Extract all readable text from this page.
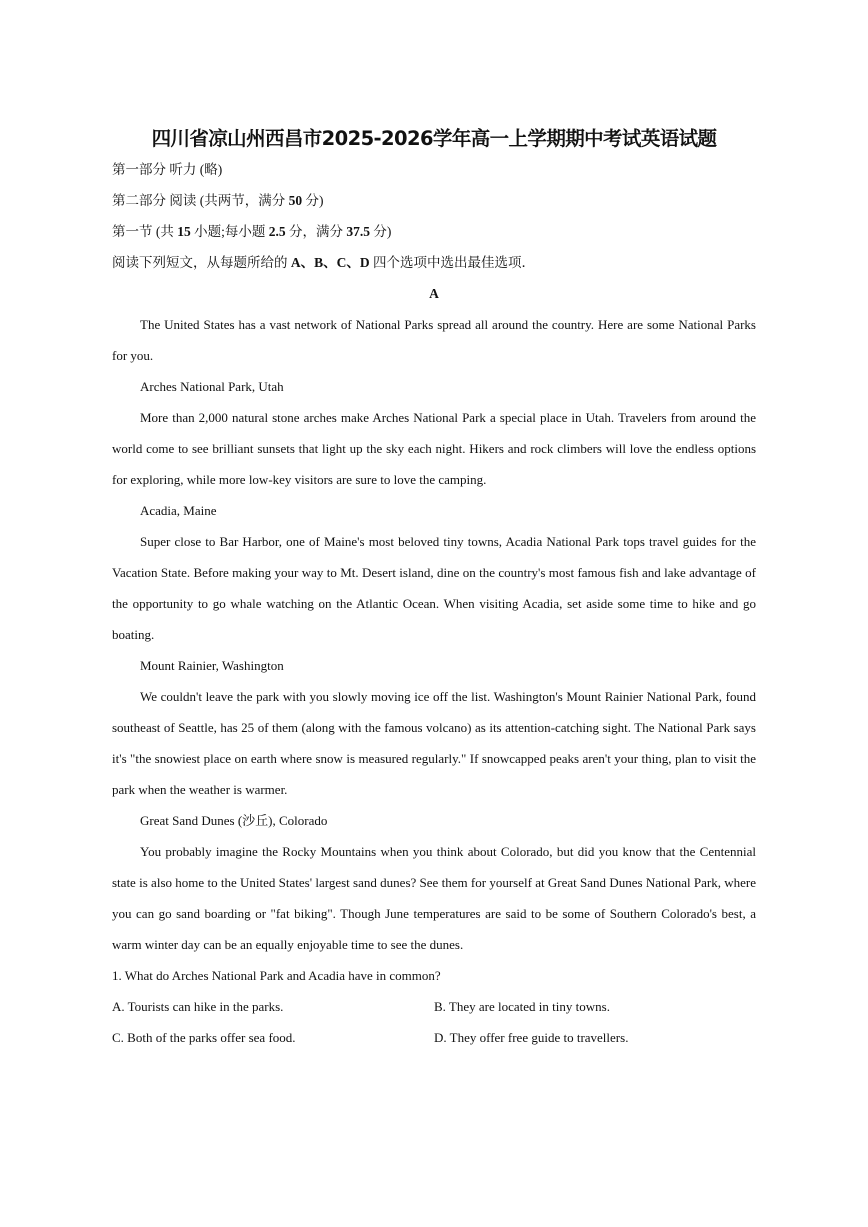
四川省凉山州西昌市2025-2026学年高一上学期期中考试英语试题
第一部分 听力 (略)
第二部分 阅读 (共两节，满分 50 分)
第一节 (共 15 小题;每小题 2.5 分，满分 37.5 分)
阅读下列短文，从每题所给的 A、B、C、D 四个选项中选出最佳选项．
A

The United States has a vast network of National Parks spread all around the country. Here are some National Parks for you.

Arches National Park, Utah

More than 2,000 natural stone arches make Arches National Park a special place in Utah. Travelers from around the world come to see brilliant sunsets that light up the sky each night. Hikers and rock climbers will love the endless options for exploring, while more low-key visitors are sure to love the camping.

Acadia, Maine

Super close to Bar Harbor, one of Maine's most beloved tiny towns, Acadia National Park tops travel guides for the Vacation State. Before making your way to Mt. Desert island, dine on the country's most famous fish and lake advantage of the opportunity to go whale watching on the Atlantic Ocean. When visiting Acadia, set aside some time to hike and go boating.

Mount Rainier, Washington

We couldn't leave the park with you slowly moving ice off the list. Washington's Mount Rainier National Park, found southeast of Seattle, has 25 of them (along with the famous volcano) as its attention-catching sight. The National Park says it's "the snowiest place on earth where snow is measured regularly." If snowcapped peaks aren't your thing, plan to visit the park when the weather is warmer.

Great Sand Dunes (沙丘), Colorado

You probably imagine the Rocky Mountains when you think about Colorado, but did you know that the Centennial state is also home to the United States' largest sand dunes? See them for yourself at Great Sand Dunes National Park, where you can go sand boarding or "fat biking". Though June temperatures are said to be some of Southern Colorado's best, a warm winter day can be an equally enjoyable time to see the dunes.

1. What do Arches National Park and Acadia have in common?
A. Tourists can hike in the parks.	B. They are located in tiny towns.
C. Both of the parks offer sea food.	D. They offer free guide to travellers.
